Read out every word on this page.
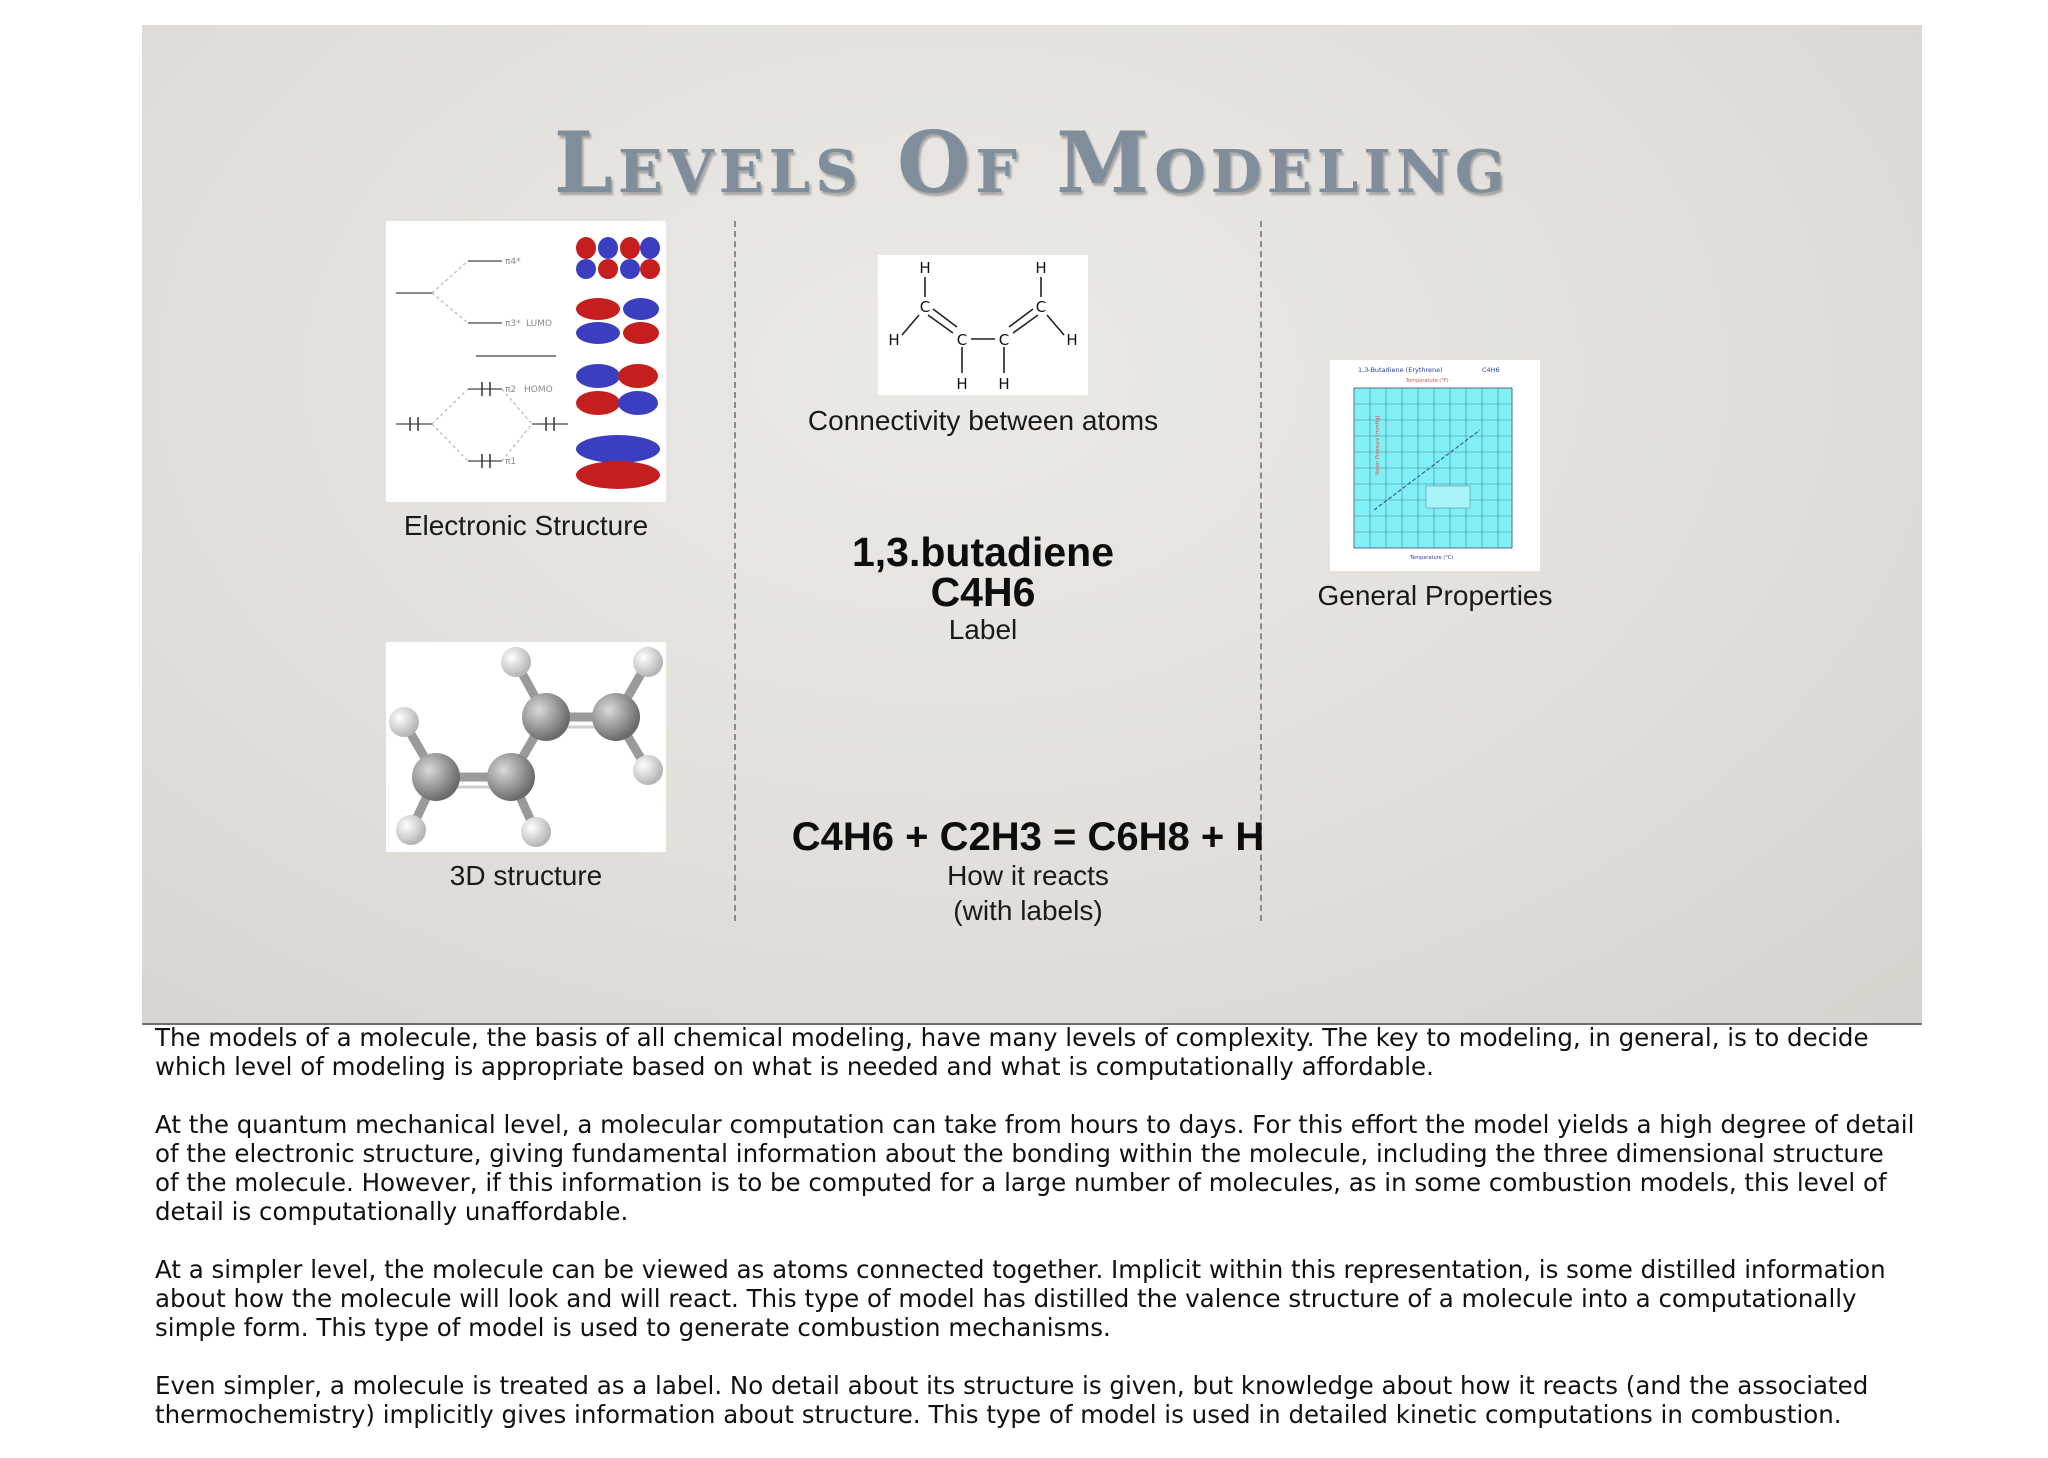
Levels Of Modeling
π4*
π3* LUMO
π2 HOMO
π1
Electronic Structure
3D structure
H	H
C	C
H	H
C C
H H
Connectivity between atoms
1,3.butadiene
C4H6
Label
C4H6 + C2H3 = C6H8 + H
How it reacts
(with labels)
1,3-Butadiene (Erythrene)	C4H6
Temperature (°F)
Vapor Pressure (mmHg)
Temperature (°C)
General Properties

The models of a molecule, the basis of all chemical modeling, have many levels of complexity. The key to modeling, in general, is to decide which level of modeling is appropriate based on what is needed and what is computationally affordable.

At the quantum mechanical level, a molecular computation can take from hours to days. For this effort the model yields a high degree of detail of the electronic structure, giving fundamental information about the bonding within the molecule, including the three dimensional structure of the molecule. However, if this information is to be computed for a large number of molecules, as in some combustion models, this level of detail is computationally unaffordable.

At a simpler level, the molecule can be viewed as atoms connected together. Implicit within this representation, is some distilled information about how the molecule will look and will react. This type of model has distilled the valence structure of a molecule into a computationally simple form. This type of model is used to generate combustion mechanisms.

Even simpler, a molecule is treated as a label. No detail about its structure is given, but knowledge about how it reacts (and the associated thermochemistry) implicitly gives information about structure. This type of model is used in detailed kinetic computations in combustion.
